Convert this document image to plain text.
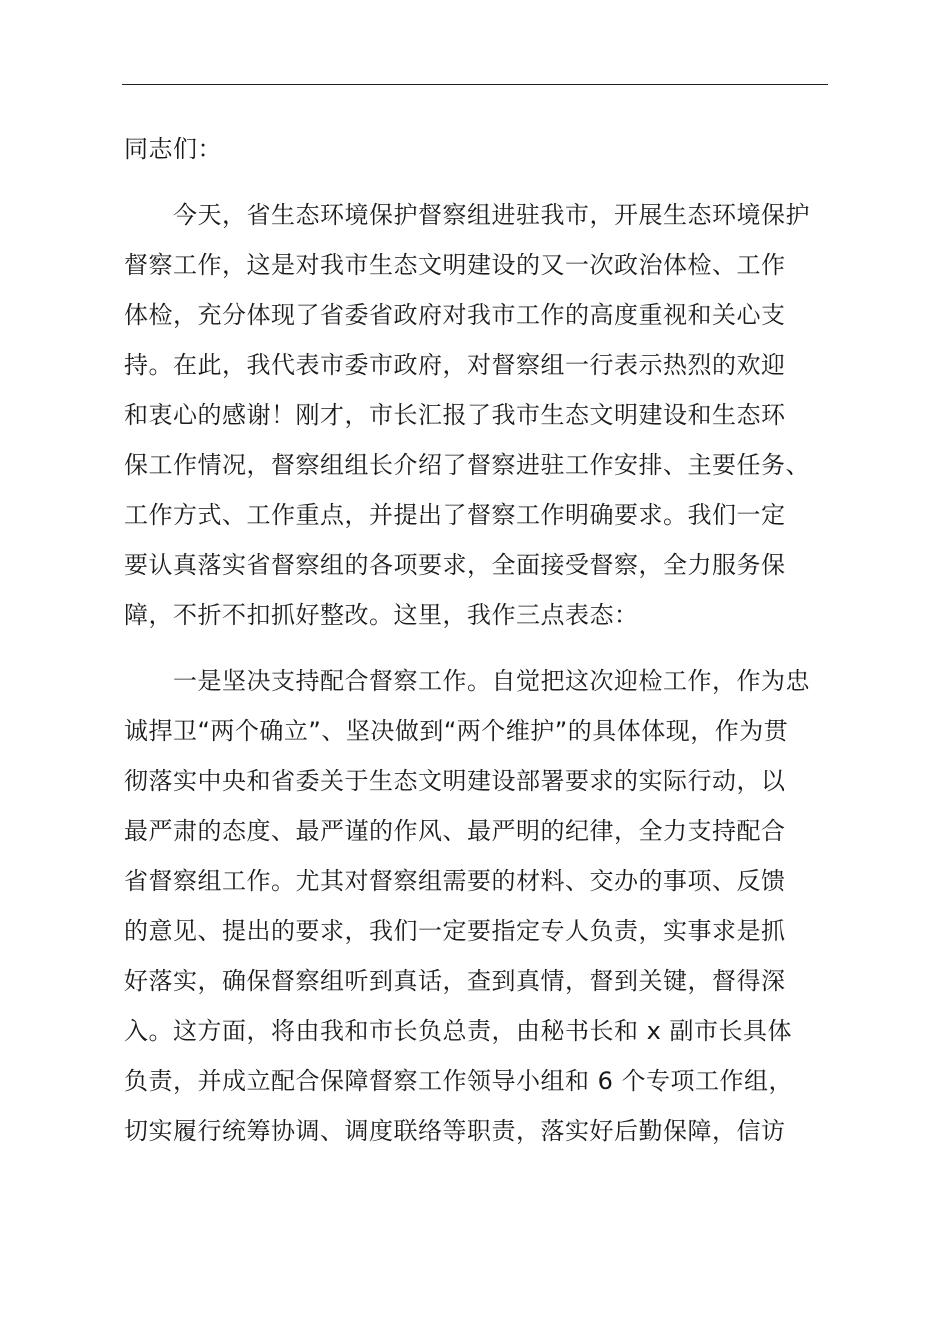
同志们：
　　今天，省生态环境保护督察组进驻我市，开展生态环境保护
督察工作，这是对我市生态文明建设的又一次政治体检、工作
体检，充分体现了省委省政府对我市工作的高度重视和关心支
持。在此，我代表市委市政府，对督察组一行表示热烈的欢迎
和衷心的感谢！刚才，市长汇报了我市生态文明建设和生态环
保工作情况，督察组组长介绍了督察进驻工作安排、主要任务、
工作方式、工作重点，并提出了督察工作明确要求。我们一定
要认真落实省督察组的各项要求，全面接受督察，全力服务保
障，不折不扣抓好整改。这里，我作三点表态：
　　一是坚决支持配合督察工作。自觉把这次迎检工作，作为忠
诚捍卫“两个确立”、坚决做到“两个维护”的具体体现，作为贯
彻落实中央和省委关于生态文明建设部署要求的实际行动，以
最严肃的态度、最严谨的作风、最严明的纪律，全力支持配合
省督察组工作。尤其对督察组需要的材料、交办的事项、反馈
的意见、提出的要求，我们一定要指定专人负责，实事求是抓
好落实，确保督察组听到真话，查到真情，督到关键，督得深
入。这方面，将由我和市长负总责，由秘书长和 x 副市长具体
负责，并成立配合保障督察工作领导小组和 6 个专项工作组，
切实履行统筹协调、调度联络等职责，落实好后勤保障，信访
